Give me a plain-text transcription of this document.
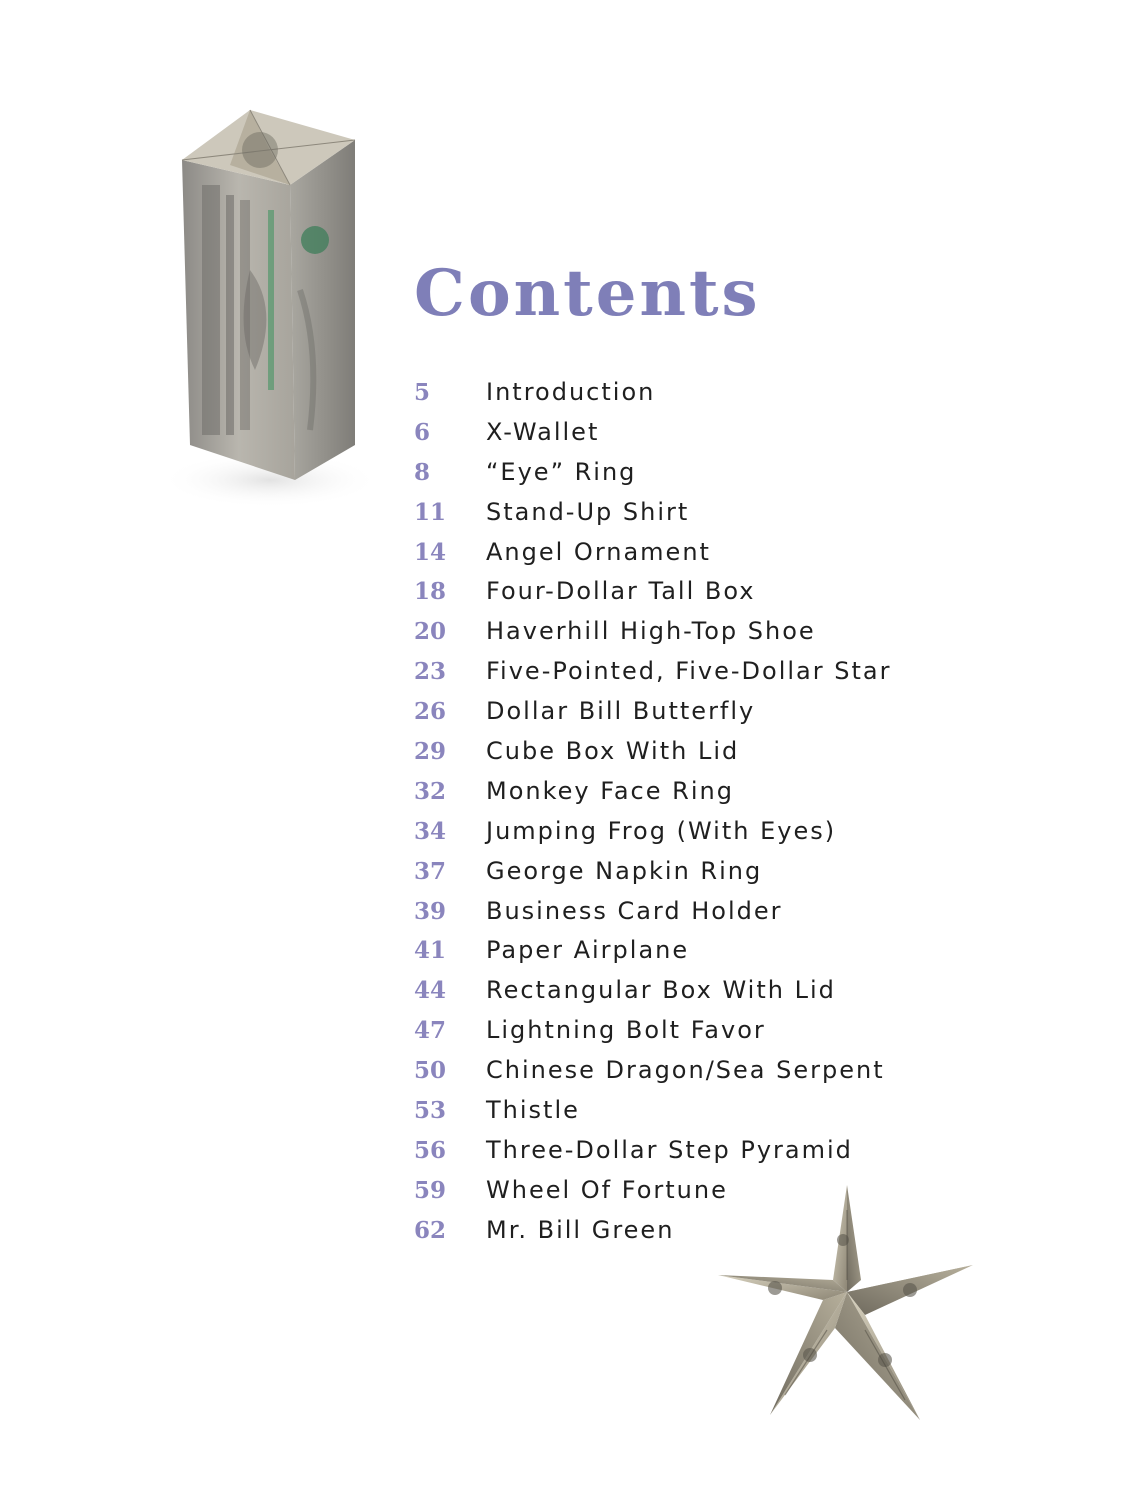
Contents
5	Introduction
6	X-Wallet
8	“Eye” Ring
11	Stand-Up Shirt
14	Angel Ornament
18	Four-Dollar Tall Box
20	Haverhill High-Top Shoe
23	Five-Pointed, Five-Dollar Star
26	Dollar Bill Butterfly
29	Cube Box With Lid
32	Monkey Face Ring
34	Jumping Frog (With Eyes)
37	George Napkin Ring
39	Business Card Holder
41	Paper Airplane
44	Rectangular Box With Lid
47	Lightning Bolt Favor
50	Chinese Dragon/Sea Serpent
53	Thistle
56	Three-Dollar Step Pyramid
59	Wheel Of Fortune
62	Mr. Bill Green
